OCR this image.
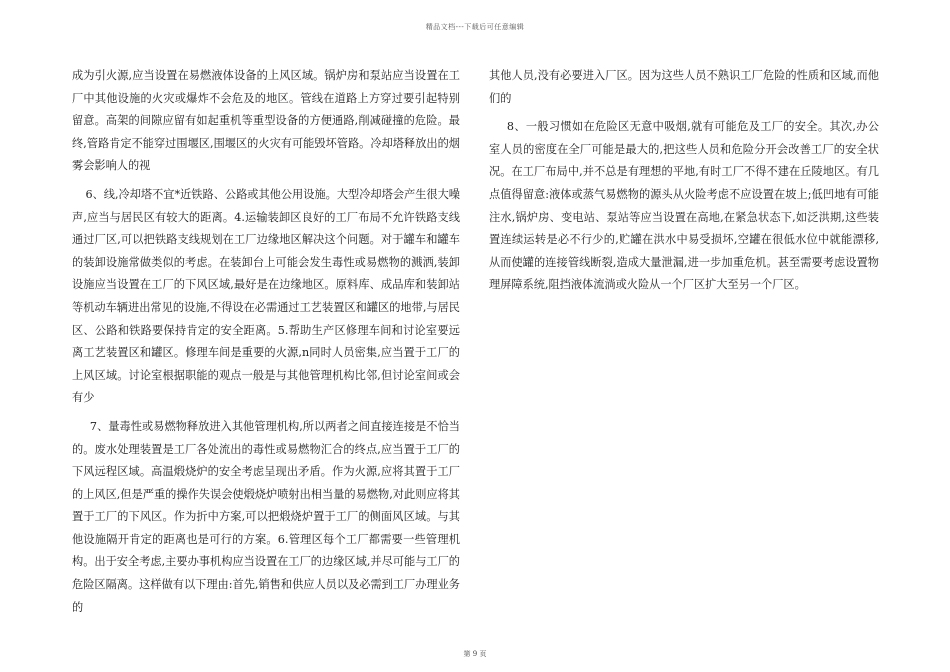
精品文档---下载后可任意编辑

成为引火源,应当设置在易燃液体设备的上风区域。锅炉房和泵站应当设置在工厂中其他设施的火灾或爆炸不会危及的地区。管线在道路上方穿过要引起特别留意。高架的间隙应留有如起重机等重型设备的方便通路,削减碰撞的危险。最终,管路肯定不能穿过围堰区,围堰区的火灾有可能毁坏管路。冷却塔释放出的烟雾会影响人的视

6、线,冷却塔不宜*近铁路、公路或其他公用设施。大型冷却塔会产生很大噪声,应当与居民区有较大的距离。4.运输装卸区良好的工厂布局不允许铁路支线通过厂区,可以把铁路支线规划在工厂边缘地区解决这个问题。对于罐车和罐车的装卸设施常做类似的考虑。在装卸台上可能会发生毒性或易燃物的溅洒,装卸设施应当设置在工厂的下风区域,最好是在边缘地区。原料库、成品库和装卸站等机动车辆进出常见的设施,不得设在必需通过工艺装置区和罐区的地带,与居民区、公路和铁路要保持肯定的安全距离。5.帮助生产区修理车间和讨论室要远离工艺装置区和罐区。修理车间是重要的火源,n同时人员密集,应当置于工厂的上风区域。讨论室根据职能的观点一般是与其他管理机构比邻,但讨论室间或会有少

7、量毒性或易燃物释放进入其他管理机构,所以两者之间直接连接是不恰当的。废水处理装置是工厂各处流出的毒性或易燃物汇合的终点,应当置于工厂的下风远程区域。高温煅烧炉的安全考虑呈现出矛盾。作为火源,应将其置于工厂的上风区,但是严重的操作失误会使煅烧炉喷射出相当量的易燃物,对此则应将其置于工厂的下风区。作为折中方案,可以把煅烧炉置于工厂的侧面风区域。与其他设施隔开肯定的距离也是可行的方案。6.管理区每个工厂都需要一些管理机构。出于安全考虑,主要办事机构应当设置在工厂的边缘区域,并尽可能与工厂的危险区隔离。这样做有以下理由:首先,销售和供应人员以及必需到工厂办理业务的

其他人员,没有必要进入厂区。因为这些人员不熟识工厂危险的性质和区域,而他们的

8、一般习惯如在危险区无意中吸烟,就有可能危及工厂的安全。其次,办公室人员的密度在全厂可能是最大的,把这些人员和危险分开会改善工厂的安全状况。在工厂布局中,并不总是有理想的平地,有时工厂不得不建在丘陵地区。有几点值得留意:液体或蒸气易燃物的源头从火险考虑不应设置在坡上;低凹地有可能注水,锅炉房、变电站、泵站等应当设置在高地,在紧急状态下,如泛洪期,这些装置连续运转是必不行少的,贮罐在洪水中易受损坏,空罐在很低水位中就能漂移,从而使罐的连接管线断裂,造成大量泄漏,进一步加重危机。甚至需要考虑设置物理屏障系统,阻挡液体流淌或火险从一个厂区扩大至另一个厂区。

第 9 页
